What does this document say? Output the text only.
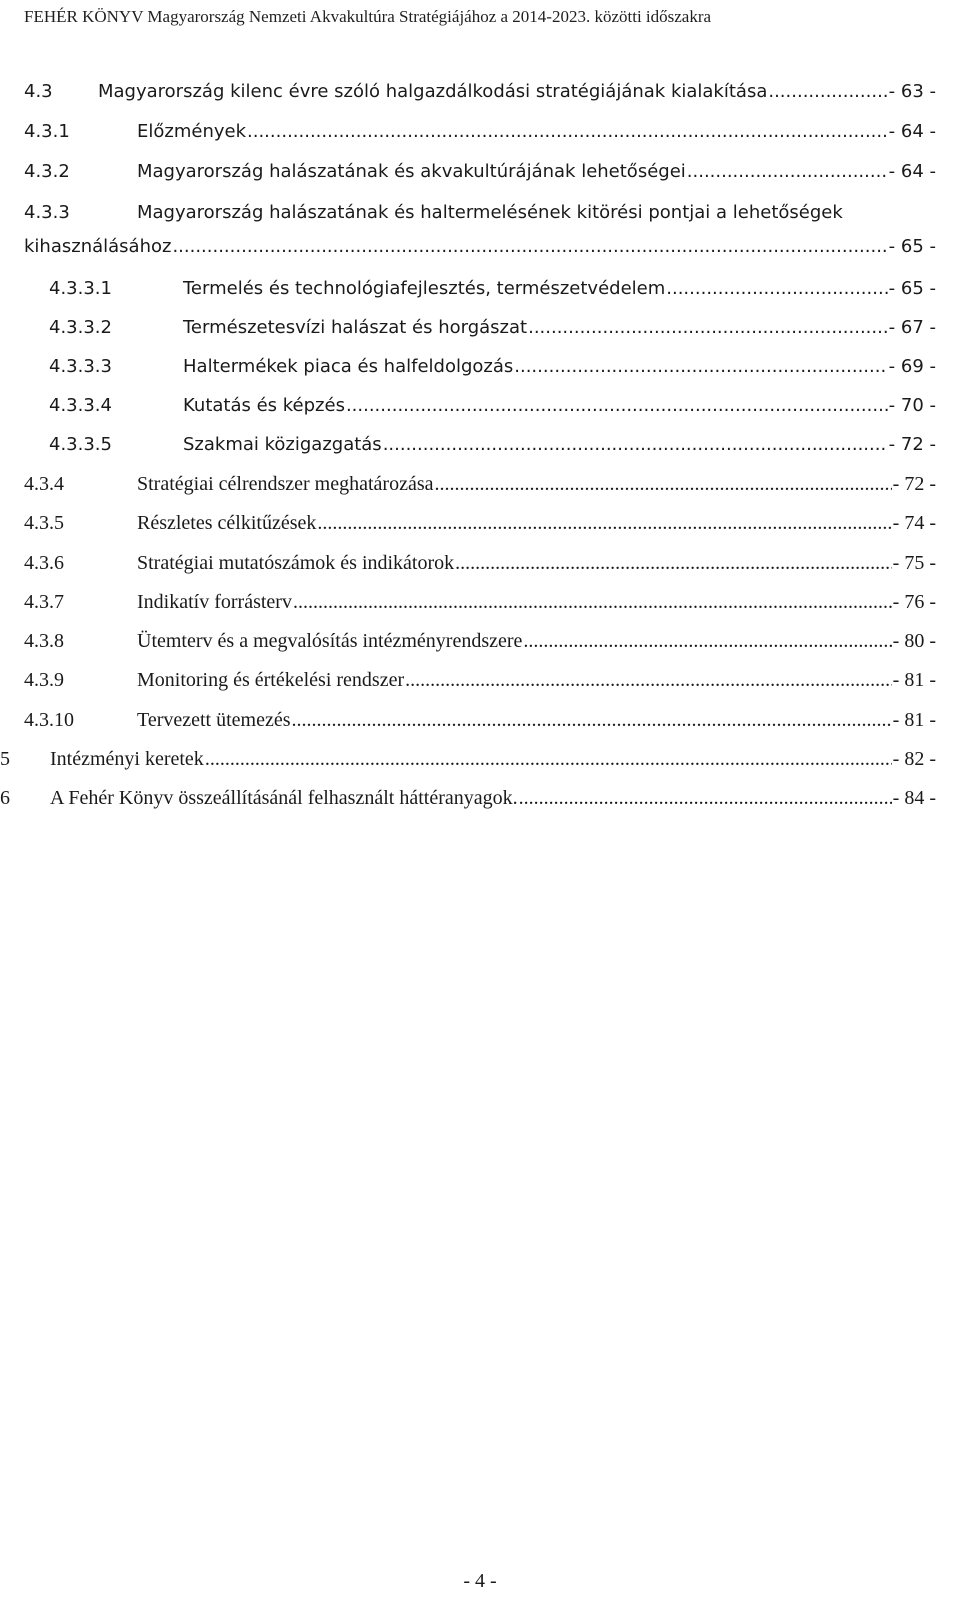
FEHÉR KÖNYV Magyarország Nemzeti Akvakultúra Stratégiájához a 2014-2023. közötti időszakra
4.3	Magyarország kilenc évre szóló halgazdálkodási stratégiájának kialakítása .....	- 63 -
4.3.1	Előzmények .....	- 64 -
4.3.2	Magyarország halászatának és akvakultúrájának lehetőségei .....	- 64 -
4.3.3	Magyarország halászatának és haltermelésének kitörési pontjai a lehetőségek
kihasználásához .....	- 65 -
4.3.3.1	Termelés és technológiafejlesztés, természetvédelem .....	- 65 -
4.3.3.2	Természetesvízi halászat és horgászat .....	- 67 -
4.3.3.3	Haltermékek piaca és halfeldolgozás .....	- 69 -
4.3.3.4	Kutatás és képzés .....	- 70 -
4.3.3.5	Szakmai közigazgatás .....	- 72 -
4.3.4	Stratégiai célrendszer meghatározása .....	- 72 -
4.3.5	Részletes célkitűzések .....	- 74 -
4.3.6	Stratégiai mutatószámok és indikátorok .....	- 75 -
4.3.7	Indikatív forrásterv .....	- 76 -
4.3.8	Ütemterv és a megvalósítás intézményrendszere .....	- 80 -
4.3.9	Monitoring és értékelési rendszer .....	- 81 -
4.3.10	Tervezett ütemezés .....	- 81 -
5 Intézményi keretek .....	- 82 -
6 A Fehér Könyv összeállításánál felhasznált háttéranyagok. .....	- 84 -
- 4 -
